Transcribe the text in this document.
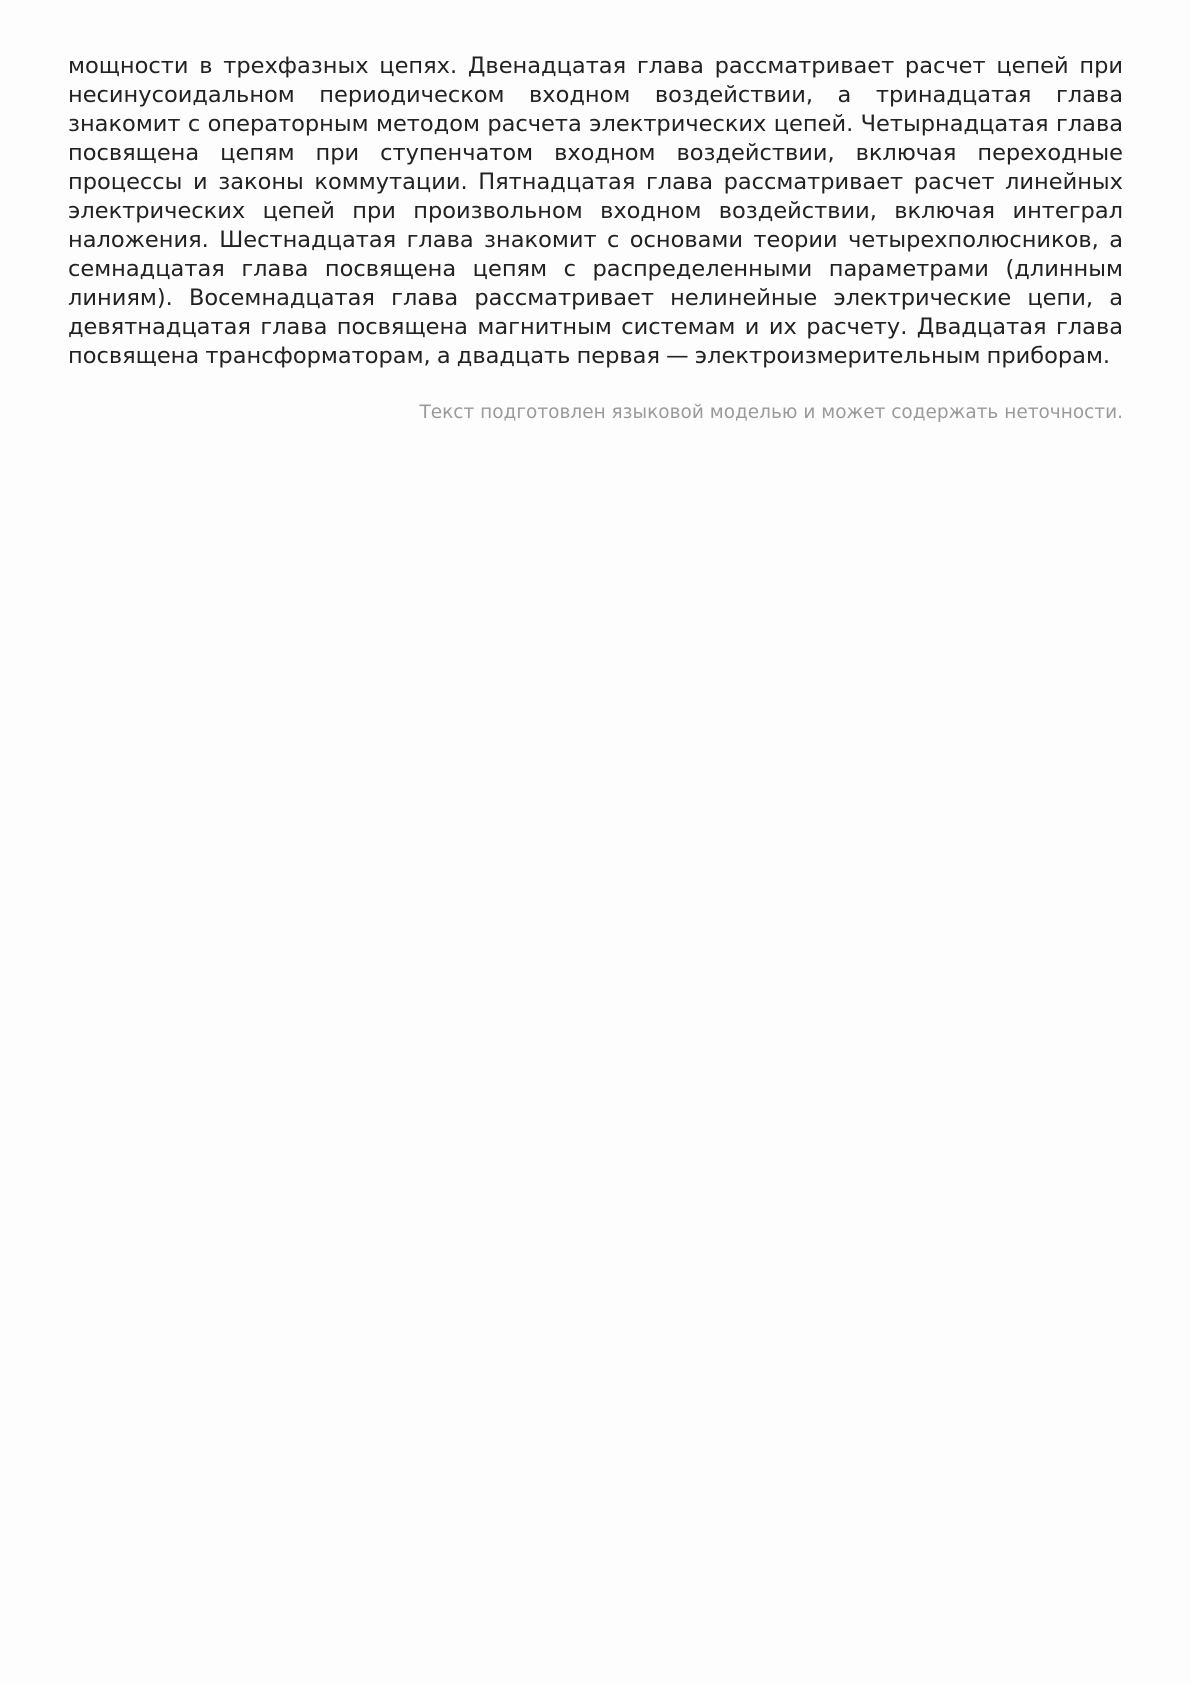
мощности в трехфазных цепях. Двенадцатая глава рассматривает расчет цепей при несинусоидальном периодическом входном воздействии, а тринадцатая глава знакомит с операторным методом расчета электрических цепей. Четырнадцатая глава посвящена цепям при ступенчатом входном воздействии, включая переходные процессы и законы коммутации. Пятнадцатая глава рассматривает расчет линейных электрических цепей при произвольном входном воздействии, включая интеграл наложения. Шестнадцатая глава знакомит с основами теории четырехполюсников, а семнадцатая глава посвящена цепям с распределенными параметрами (длинным линиям). Восемнадцатая глава рассматривает нелинейные электрические цепи, а девятнадцатая глава посвящена магнитным системам и их расчету. Двадцатая глава посвящена трансформаторам, а двадцать первая — электроизмерительным приборам.

Текст подготовлен языковой моделью и может содержать неточности.
